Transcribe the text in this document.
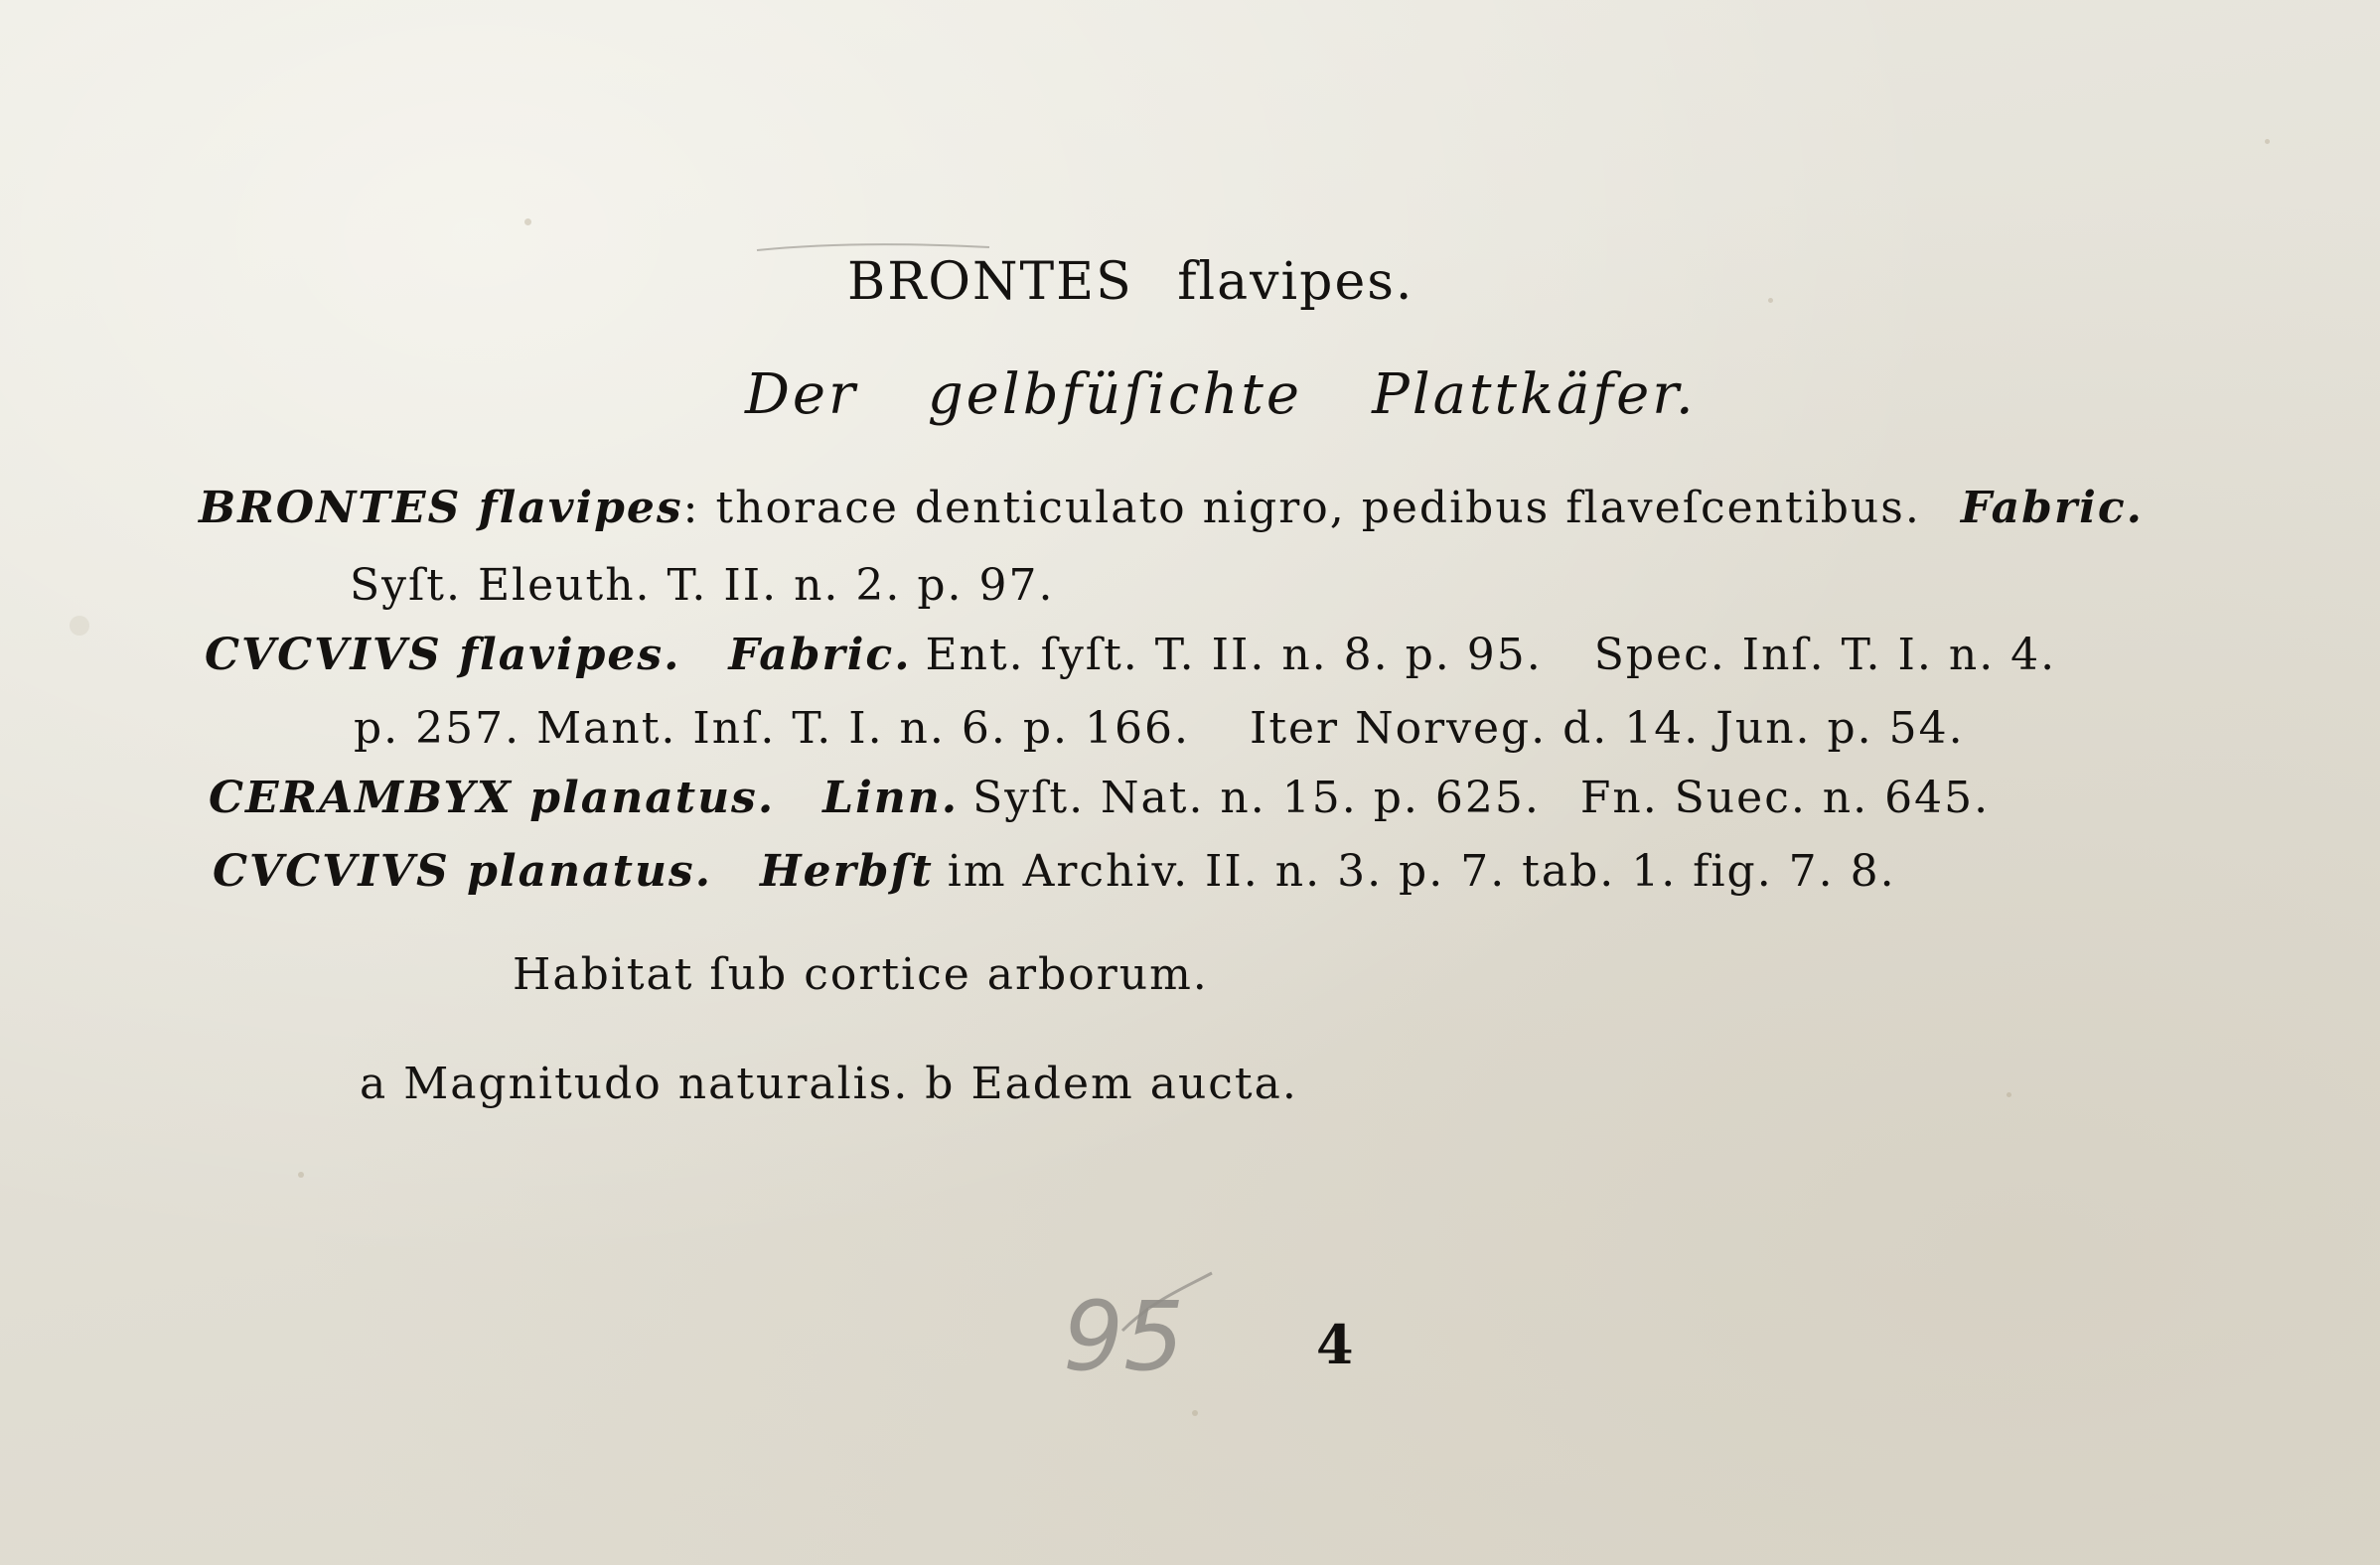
BRONTES flavipes.
Der gelbfüſichte Plattkäfer.
BRONTES flavipes: thorace denticulato nigro, pedibus flaveſcentibus. Fabric.
Syſt. Eleuth. T. II. n. 2. p. 97.
CVCVIVS flavipes. Fabric. Ent. ſyſt. T. II. n. 8. p. 95. Spec. Inſ. T. I. n. 4.
p. 257. Mant. Inſ. T. I. n. 6. p. 166. Iter Norveg. d. 14. Jun. p. 54.
CERAMBYX planatus. Linn. Syſt. Nat. n. 15. p. 625. Fn. Suec. n. 645.
CVCVIVS planatus. Herbſt im Archiv. II. n. 3. p. 7. tab. 1. fig. 7. 8.
Habitat ſub cortice arborum.
a Magnitudo naturalis. b Eadem aucta.
95 4
